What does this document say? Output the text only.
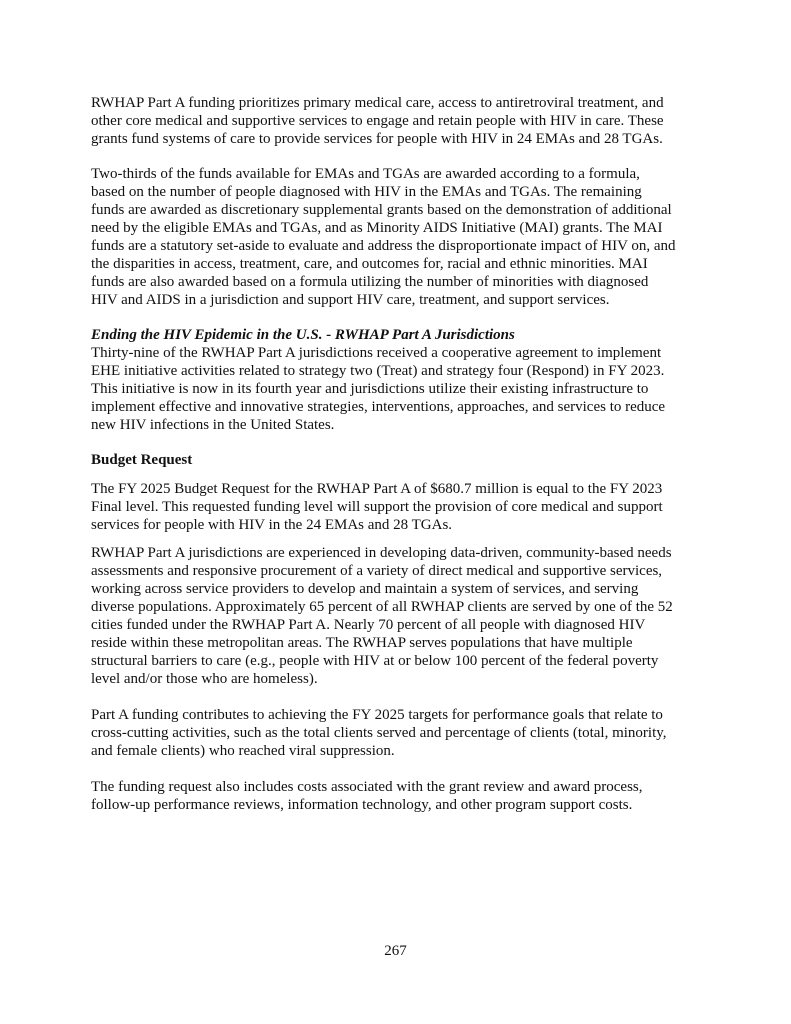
RWHAP Part A funding prioritizes primary medical care, access to antiretroviral treatment, and
other core medical and supportive services to engage and retain people with HIV in care. These
grants fund systems of care to provide services for people with HIV in 24 EMAs and 28 TGAs.
Two-thirds of the funds available for EMAs and TGAs are awarded according to a formula,
based on the number of people diagnosed with HIV in the EMAs and TGAs. The remaining
funds are awarded as discretionary supplemental grants based on the demonstration of additional
need by the eligible EMAs and TGAs, and as Minority AIDS Initiative (MAI) grants. The MAI
funds are a statutory set-aside to evaluate and address the disproportionate impact of HIV on, and
the disparities in access, treatment, care, and outcomes for, racial and ethnic minorities. MAI
funds are also awarded based on a formula utilizing the number of minorities with diagnosed
HIV and AIDS in a jurisdiction and support HIV care, treatment, and support services.
Ending the HIV Epidemic in the U.S. - RWHAP Part A Jurisdictions
Thirty-nine of the RWHAP Part A jurisdictions received a cooperative agreement to implement
EHE initiative activities related to strategy two (Treat) and strategy four (Respond) in FY 2023.
This initiative is now in its fourth year and jurisdictions utilize their existing infrastructure to
implement effective and innovative strategies, interventions, approaches, and services to reduce
new HIV infections in the United States.
Budget Request
The FY 2025 Budget Request for the RWHAP Part A of $680.7 million is equal to the FY 2023
Final level. This requested funding level will support the provision of core medical and support
services for people with HIV in the 24 EMAs and 28 TGAs.
RWHAP Part A jurisdictions are experienced in developing data-driven, community-based needs
assessments and responsive procurement of a variety of direct medical and supportive services,
working across service providers to develop and maintain a system of services, and serving
diverse populations. Approximately 65 percent of all RWHAP clients are served by one of the 52
cities funded under the RWHAP Part A. Nearly 70 percent of all people with diagnosed HIV
reside within these metropolitan areas. The RWHAP serves populations that have multiple
structural barriers to care (e.g., people with HIV at or below 100 percent of the federal poverty
level and/or those who are homeless).
Part A funding contributes to achieving the FY 2025 targets for performance goals that relate to
cross-cutting activities, such as the total clients served and percentage of clients (total, minority,
and female clients) who reached viral suppression.
The funding request also includes costs associated with the grant review and award process,
follow-up performance reviews, information technology, and other program support costs.
267
